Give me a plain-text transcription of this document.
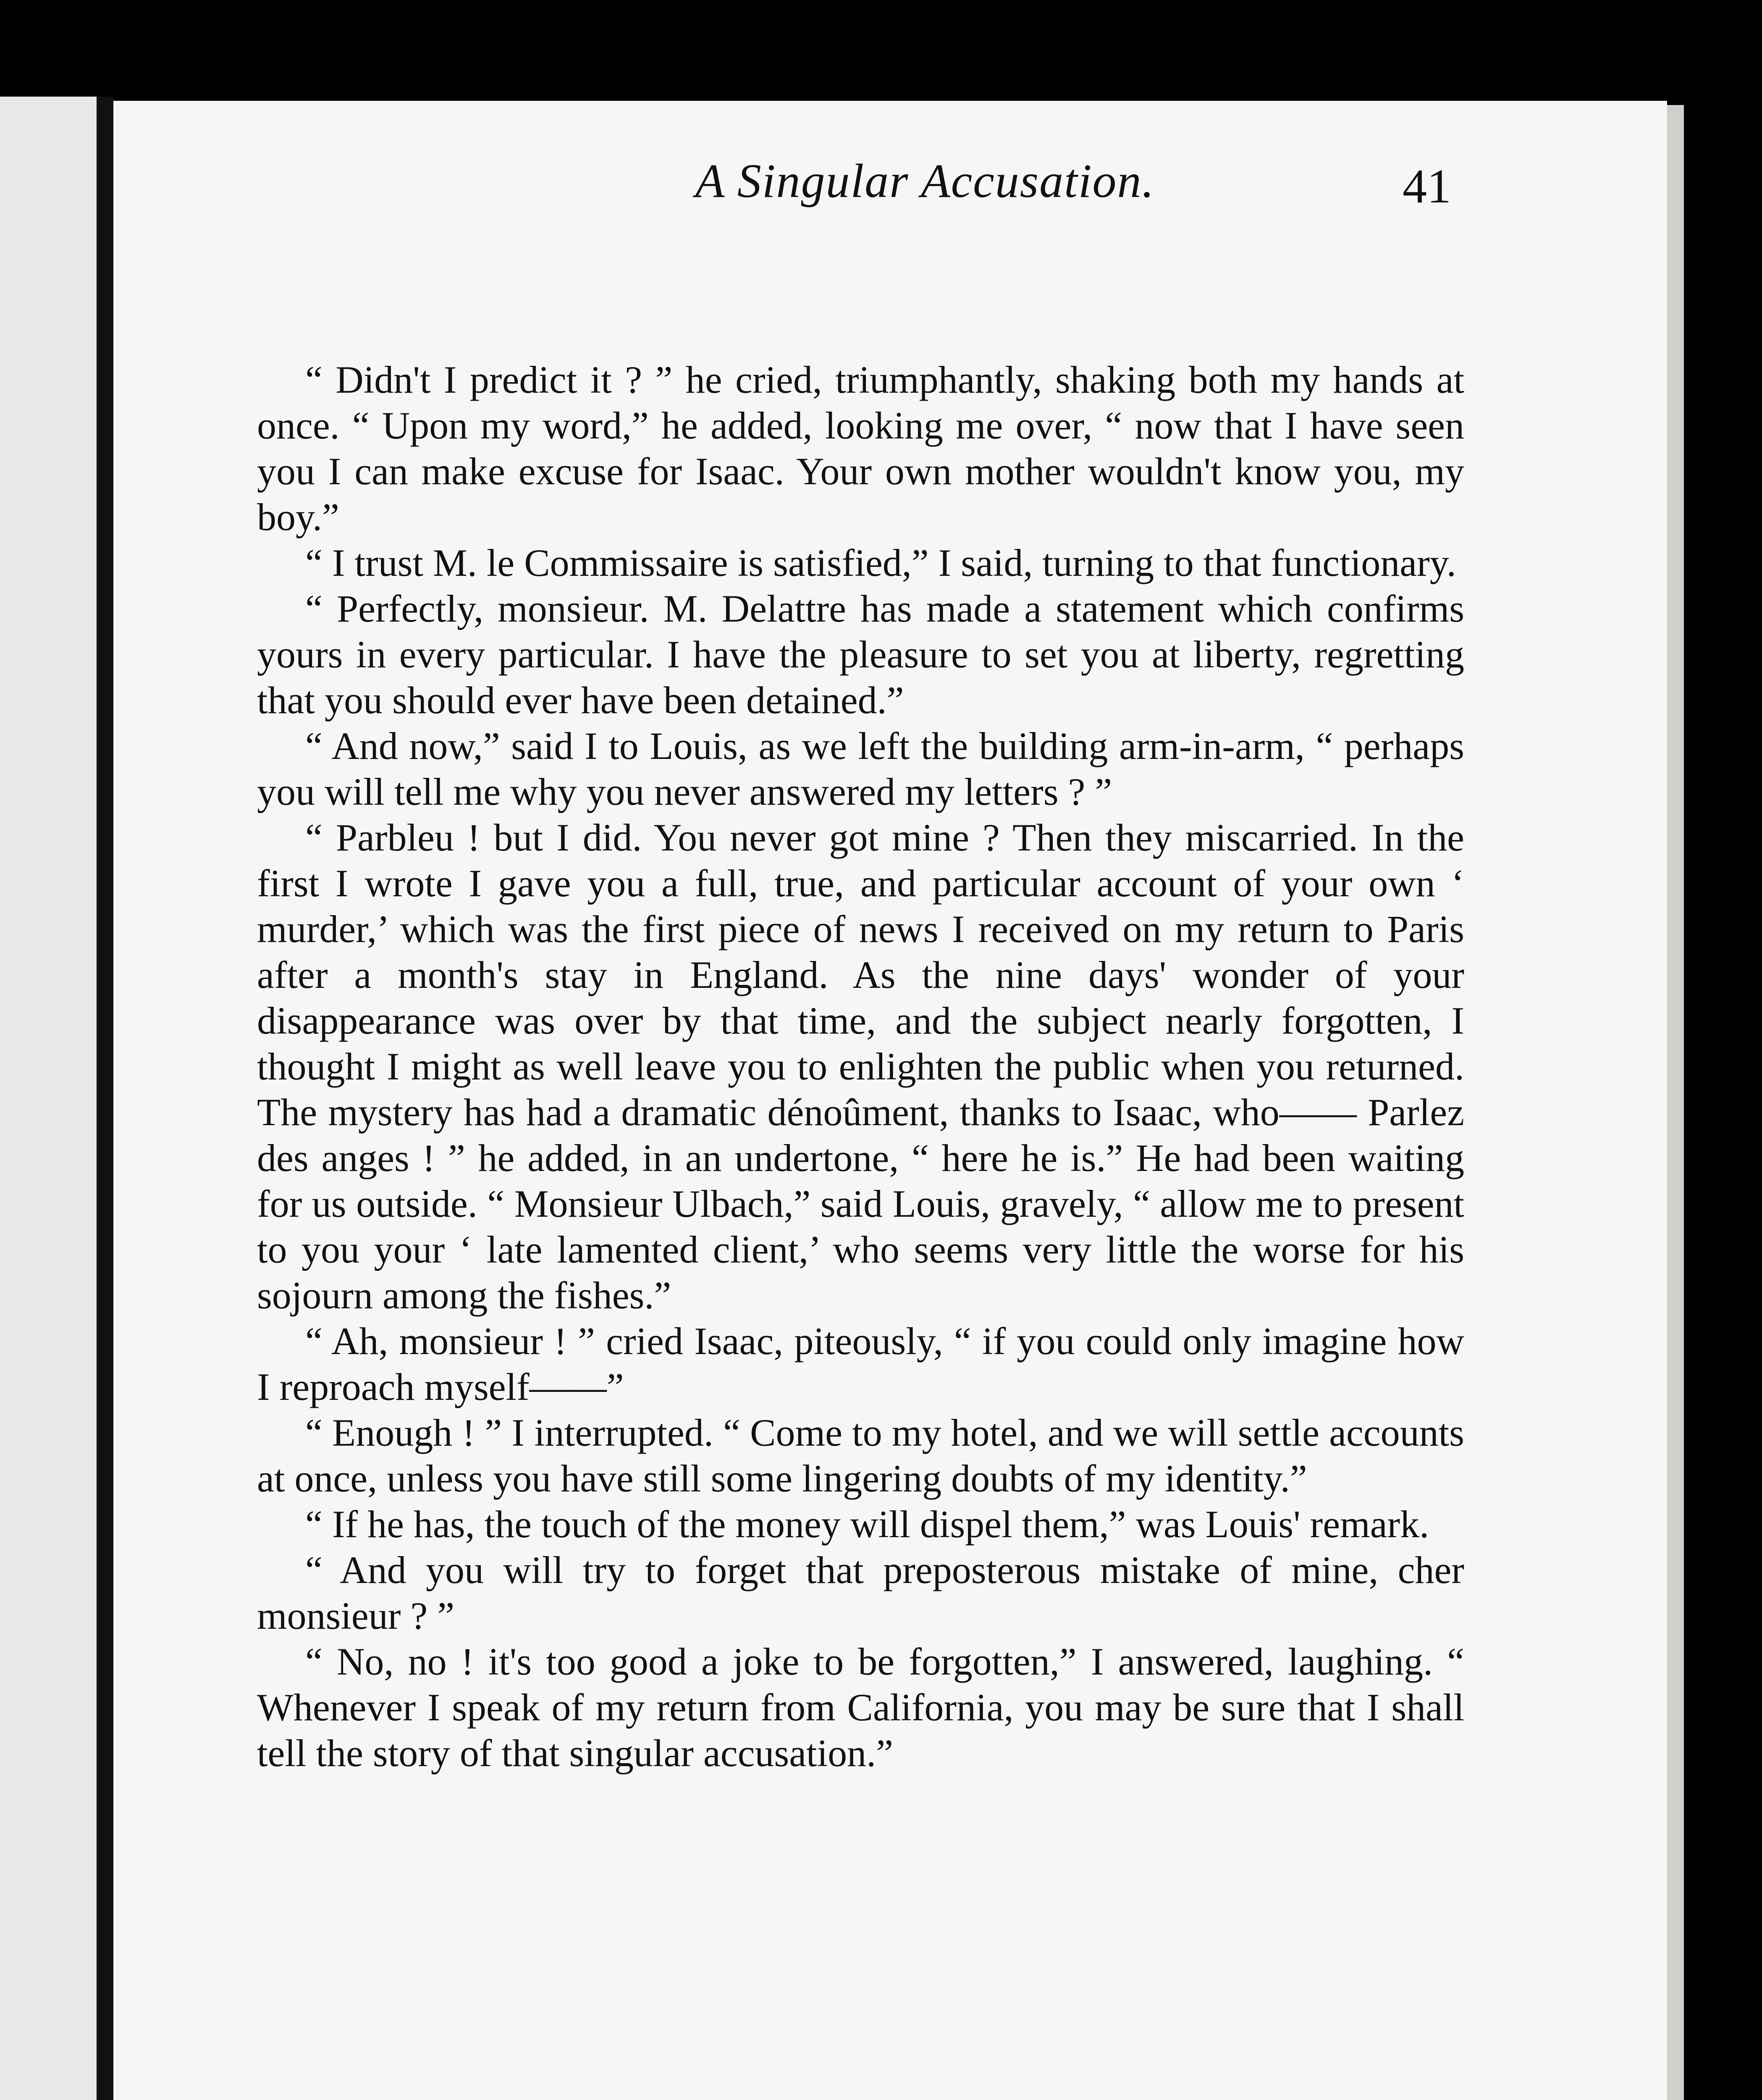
A Singular Accusation.	41

“ Didn't I predict it ? ” he cried, triumphantly, shaking both my hands at once. “ Upon my word,” he added, looking me over, “ now that I have seen you I can make excuse for Isaac. Your own mother wouldn't know you, my boy.”

“ I trust M. le Commissaire is satisfied,” I said, turning to that functionary.

“ Perfectly, monsieur. M. Delattre has made a statement which confirms yours in every particular. I have the pleasure to set you at liberty, regretting that you should ever have been detained.”

“ And now,” said I to Louis, as we left the building arm-in-arm, “ perhaps you will tell me why you never answered my letters ? ”

“ Parbleu ! but I did. You never got mine ? Then they miscarried. In the first I wrote I gave you a full, true, and particular account of your own ‘ murder,’ which was the first piece of news I received on my return to Paris after a month's stay in England. As the nine days' wonder of your disappearance was over by that time, and the subject nearly forgotten, I thought I might as well leave you to enlighten the public when you returned. The mystery has had a dramatic dénoûment, thanks to Isaac, who—— Parlez des anges ! ” he added, in an undertone, “ here he is.” He had been waiting for us outside. “ Monsieur Ulbach,” said Louis, gravely, “ allow me to present to you your ‘ late lamented client,’ who seems very little the worse for his sojourn among the fishes.”

“ Ah, monsieur ! ” cried Isaac, piteously, “ if you could only imagine how I reproach myself——”

“ Enough ! ” I interrupted. “ Come to my hotel, and we will settle accounts at once, unless you have still some lingering doubts of my identity.”

“ If he has, the touch of the money will dispel them,” was Louis' remark.

“ And you will try to forget that preposterous mistake of mine, cher monsieur ? ”

“ No, no ! it's too good a joke to be forgotten,” I answered, laughing. “ Whenever I speak of my return from California, you may be sure that I shall tell the story of that singular accusation.”
